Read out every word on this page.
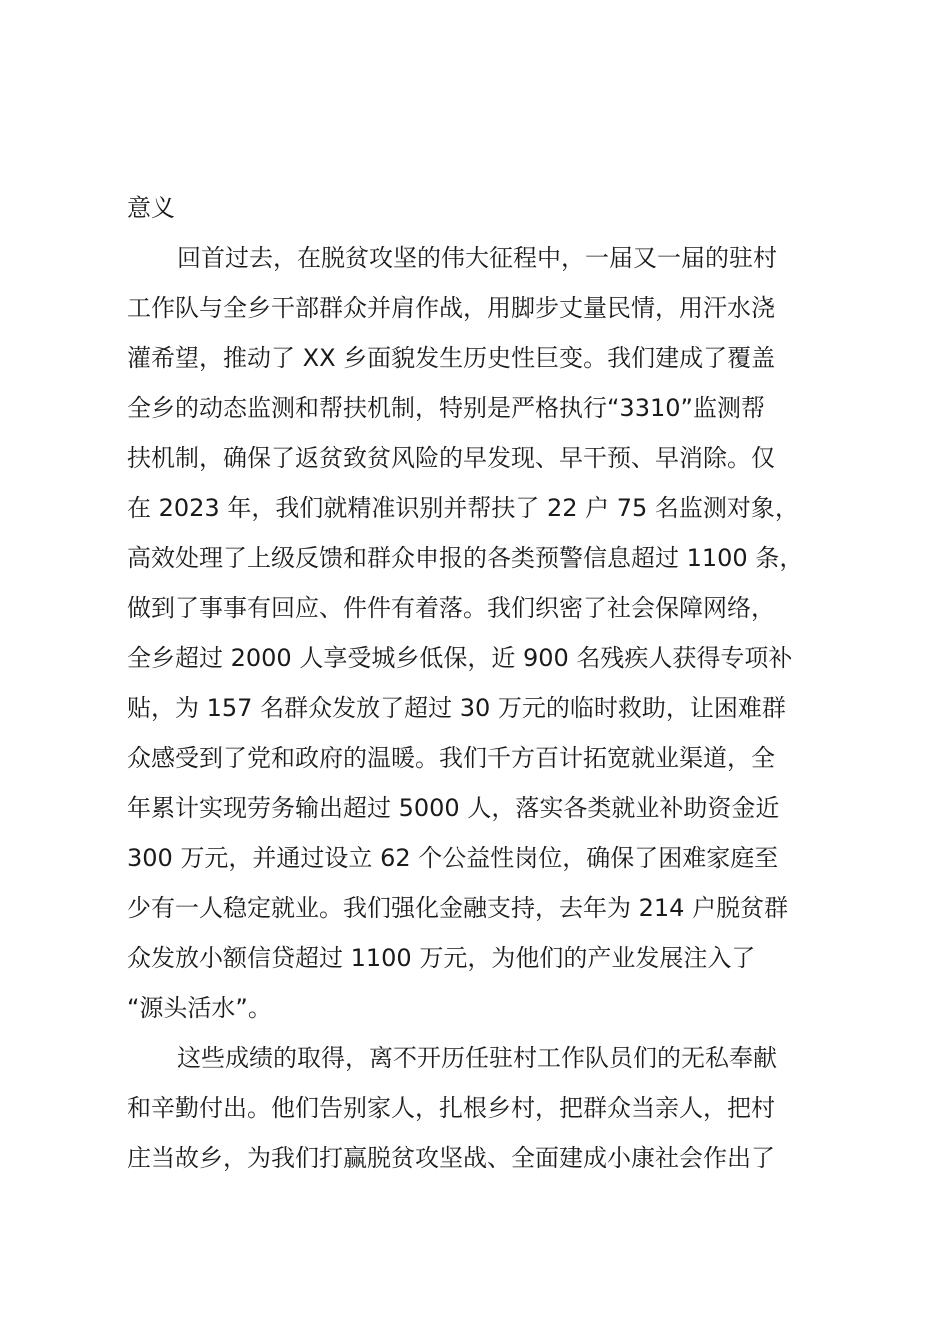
意义
回首过去，在脱贫攻坚的伟大征程中，一届又一届的驻村
工作队与全乡干部群众并肩作战，用脚步丈量民情，用汗水浇
灌希望，推动了 XX 乡面貌发生历史性巨变。我们建成了覆盖
全乡的动态监测和帮扶机制，特别是严格执行“3310”监测帮
扶机制，确保了返贫致贫风险的早发现、早干预、早消除。仅
在 2023 年，我们就精准识别并帮扶了 22 户 75 名监测对象，
高效处理了上级反馈和群众申报的各类预警信息超过 1100 条，
做到了事事有回应、件件有着落。我们织密了社会保障网络，
全乡超过 2000 人享受城乡低保，近 900 名残疾人获得专项补
贴，为 157 名群众发放了超过 30 万元的临时救助，让困难群
众感受到了党和政府的温暖。我们千方百计拓宽就业渠道，全
年累计实现劳务输出超过 5000 人，落实各类就业补助资金近
300 万元，并通过设立 62 个公益性岗位，确保了困难家庭至
少有一人稳定就业。我们强化金融支持，去年为 214 户脱贫群
众发放小额信贷超过 1100 万元，为他们的产业发展注入了
“源头活水”。
这些成绩的取得，离不开历任驻村工作队员们的无私奉献
和辛勤付出。他们告别家人，扎根乡村，把群众当亲人，把村
庄当故乡，为我们打赢脱贫攻坚战、全面建成小康社会作出了
